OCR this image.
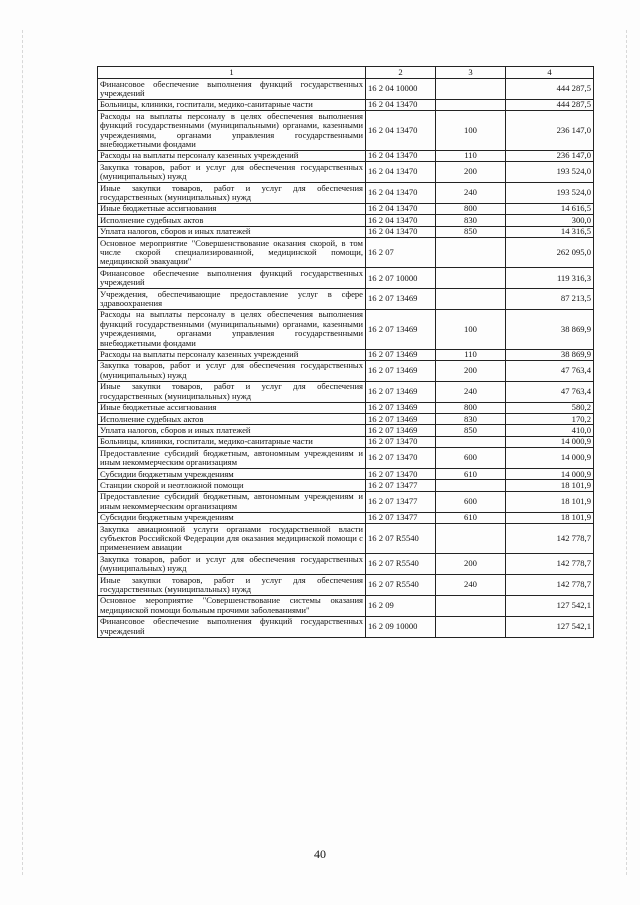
1	2	3	4
Финансовое обеспечение выполнения функций государственных учреждений	16 2 04 10000		444 287,5
Больницы, клиники, госпитали, медико-санитарные части	16 2 04 13470		444 287,5
Расходы на выплаты персоналу в целях обеспечения выполнения функций государственными (муниципальными) органами, казенными учреждениями, органами управления государственными внебюджетными фондами	16 2 04 13470	100	236 147,0
Расходы на выплаты персоналу казенных учреждений	16 2 04 13470	110	236 147,0
Закупка товаров, работ и услуг для обеспечения государственных (муниципальных) нужд	16 2 04 13470	200	193 524,0
Иные закупки товаров, работ и услуг для обеспечения государственных (муниципальных) нужд	16 2 04 13470	240	193 524,0
Иные бюджетные ассигнования	16 2 04 13470	800	14 616,5
Исполнение судебных актов	16 2 04 13470	830	300,0
Уплата налогов, сборов и иных платежей	16 2 04 13470	850	14 316,5
Основное мероприятие "Совершенствование оказания скорой, в том числе скорой специализированной, медицинской помощи, медицинской эвакуации"	16 2 07		262 095,0
Финансовое обеспечение выполнения функций государственных учреждений	16 2 07 10000		119 316,3
Учреждения, обеспечивающие предоставление услуг в сфере здравоохранения	16 2 07 13469		87 213,5
Расходы на выплаты персоналу в целях обеспечения выполнения функций государственными (муниципальными) органами, казенными учреждениями, органами управления государственными внебюджетными фондами	16 2 07 13469	100	38 869,9
Расходы на выплаты персоналу казенных учреждений	16 2 07 13469	110	38 869,9
Закупка товаров, работ и услуг для обеспечения государственных (муниципальных) нужд	16 2 07 13469	200	47 763,4
Иные закупки товаров, работ и услуг для обеспечения государственных (муниципальных) нужд	16 2 07 13469	240	47 763,4
Иные бюджетные ассигнования	16 2 07 13469	800	580,2
Исполнение судебных актов	16 2 07 13469	830	170,2
Уплата налогов, сборов и иных платежей	16 2 07 13469	850	410,0
Больницы, клиники, госпитали, медико-санитарные части	16 2 07 13470		14 000,9
Предоставление субсидий бюджетным, автономным учреждениям и иным некоммерческим организациям	16 2 07 13470	600	14 000,9
Субсидии бюджетным учреждениям	16 2 07 13470	610	14 000,9
Станции скорой и неотложной помощи	16 2 07 13477		18 101,9
Предоставление субсидий бюджетным, автономным учреждениям и иным некоммерческим организациям	16 2 07 13477	600	18 101,9
Субсидии бюджетным учреждениям	16 2 07 13477	610	18 101,9
Закупка авиационной услуги органами государственной власти субъектов Российской Федерации для оказания медицинской помощи с применением авиации	16 2 07 R5540		142 778,7
Закупка товаров, работ и услуг для обеспечения государственных (муниципальных) нужд	16 2 07 R5540	200	142 778,7
Иные закупки товаров, работ и услуг для обеспечения государственных (муниципальных) нужд	16 2 07 R5540	240	142 778,7
Основное мероприятие "Совершенствование системы оказания медицинской помощи больным прочими заболеваниями"	16 2 09		127 542,1
Финансовое обеспечение выполнения функций государственных учреждений	16 2 09 10000		127 542,1
40
